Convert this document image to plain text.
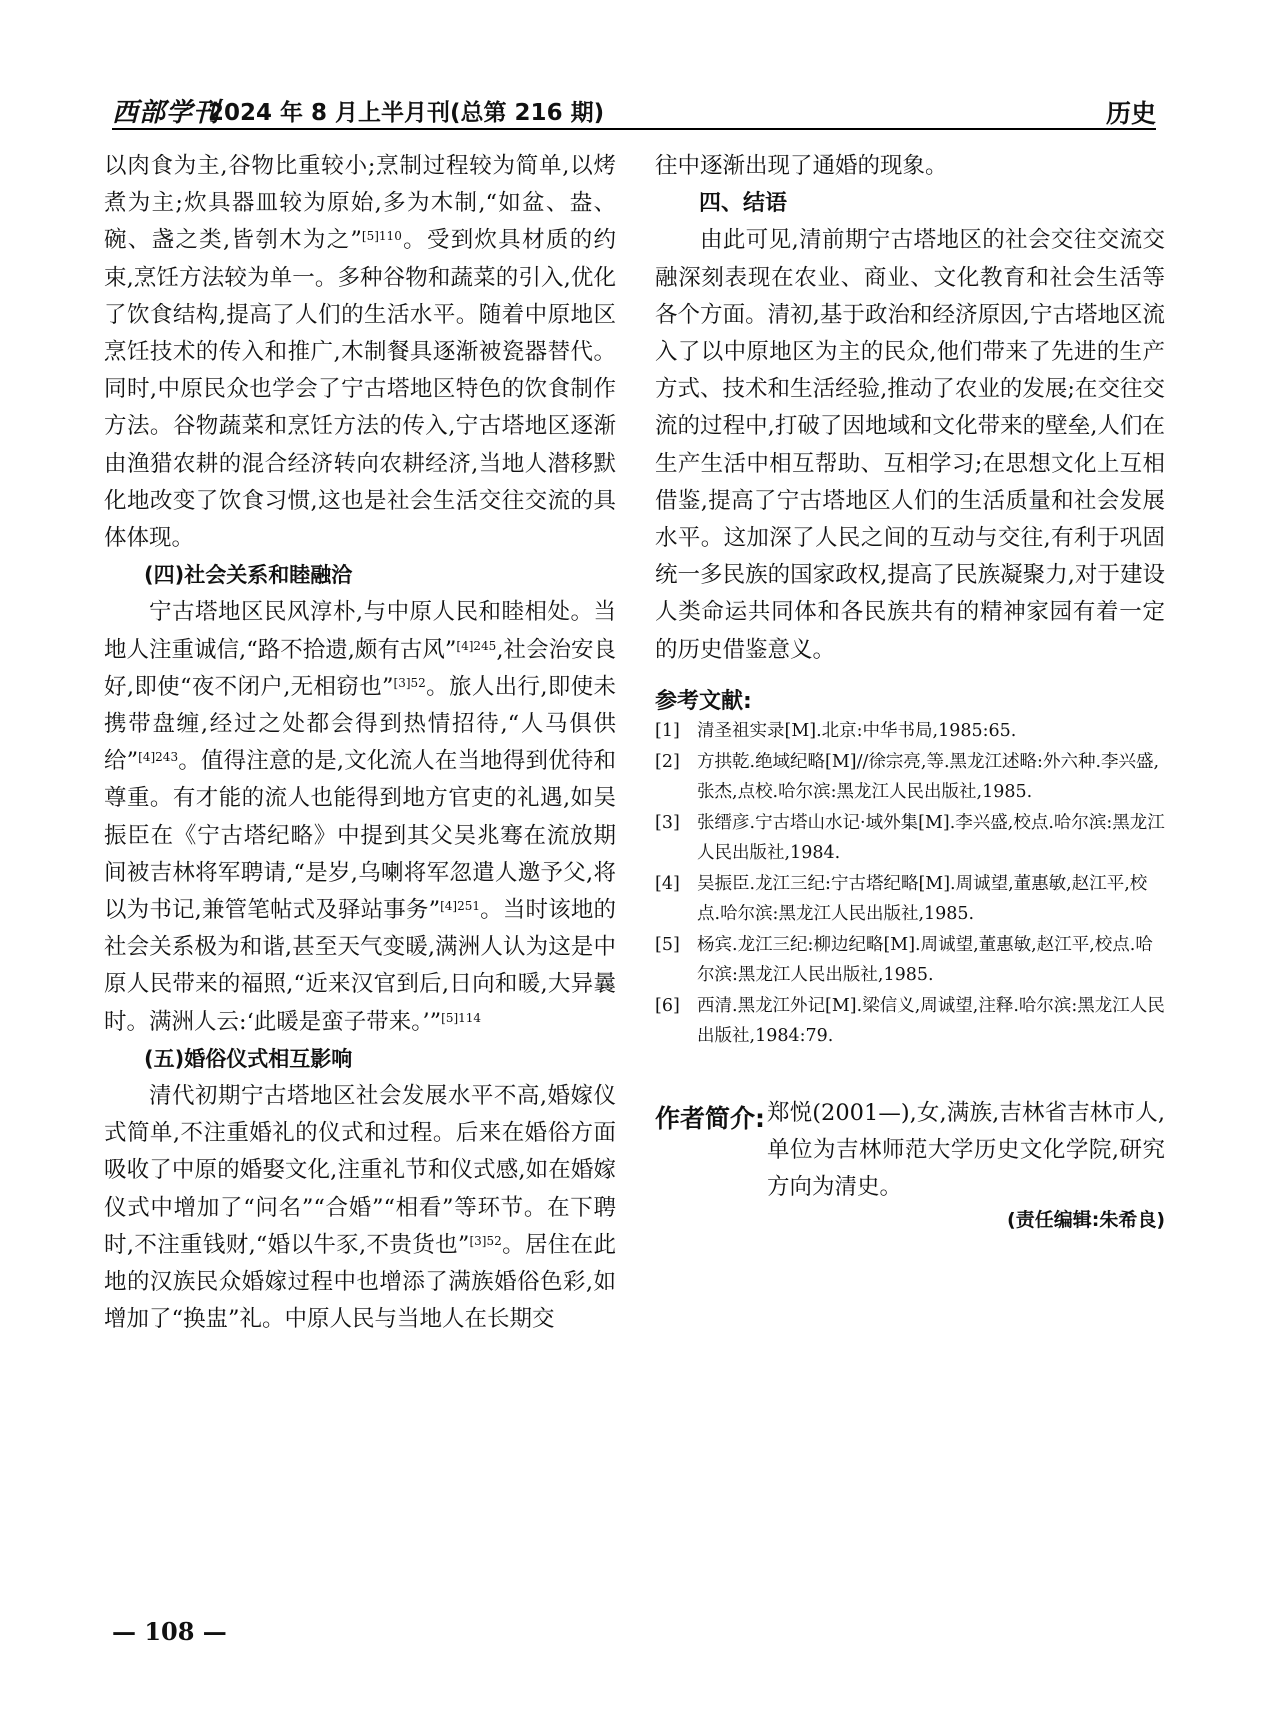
西部学刊
2024 年 8 月上半月刊(总第 216 期)	历史

以肉食为主,谷物比重较小;烹制过程较为简单,以烤煮为主;炊具器皿较为原始,多为木制,“如盆、盎、碗、盏之类,皆刳木为之”$^{[5]110}$。受到炊具材质的约束,烹饪方法较为单一。多种谷物和蔬菜的引入,优化了饮食结构,提高了人们的生活水平。随着中原地区烹饪技术的传入和推广,木制餐具逐渐被瓷器替代。同时,中原民众也学会了宁古塔地区特色的饮食制作方法。谷物蔬菜和烹饪方法的传入,宁古塔地区逐渐由渔猎农耕的混合经济转向农耕经济,当地人潜移默化地改变了饮食习惯,这也是社会生活交往交流的具体体现。

(四)社会关系和睦融洽

宁古塔地区民风淳朴,与中原人民和睦相处。当地人注重诚信,“路不拾遗,颇有古风”$^{[4]245}$,社会治安良好,即使“夜不闭户,无相窃也”$^{[3]52}$。旅人出行,即使未携带盘缠,经过之处都会得到热情招待,“人马俱供给”$^{[4]243}$。值得注意的是,文化流人在当地得到优待和尊重。有才能的流人也能得到地方官吏的礼遇,如吴振臣在《宁古塔纪略》中提到其父吴兆骞在流放期间被吉林将军聘请,“是岁,乌喇将军忽遣人邀予父,将以为书记,兼管笔帖式及驿站事务”$^{[4]251}$。当时该地的社会关系极为和谐,甚至天气变暖,满洲人认为这是中原人民带来的福照,“近来汉官到后,日向和暖,大异曩时。满洲人云:‘此暖是蛮子带来。’”$^{[5]114}$

(五)婚俗仪式相互影响

清代初期宁古塔地区社会发展水平不高,婚嫁仪式简单,不注重婚礼的仪式和过程。后来在婚俗方面吸收了中原的婚娶文化,注重礼节和仪式感,如在婚嫁仪式中增加了“问名”“合婚”“相看”等环节。在下聘时,不注重钱财,“婚以牛豕,不贵货也”$^{[3]52}$。居住在此地的汉族民众婚嫁过程中也增添了满族婚俗色彩,如增加了“换盅”礼。中原人民与当地人在长期交

往中逐渐出现了通婚的现象。

四、结语

由此可见,清前期宁古塔地区的社会交往交流交融深刻表现在农业、商业、文化教育和社会生活等各个方面。清初,基于政治和经济原因,宁古塔地区流入了以中原地区为主的民众,他们带来了先进的生产方式、技术和生活经验,推动了农业的发展;在交往交流的过程中,打破了因地域和文化带来的壁垒,人们在生产生活中相互帮助、互相学习;在思想文化上互相借鉴,提高了宁古塔地区人们的生活质量和社会发展水平。这加深了人民之间的互动与交往,有利于巩固统一多民族的国家政权,提高了民族凝聚力,对于建设人类命运共同体和各民族共有的精神家园有着一定的历史借鉴意义。

参考文献:
[1] 清圣祖实录[M].北京:中华书局,1985:65.
[2] 方拱乾.绝域纪略[M]//徐宗亮,等.黑龙江述略:外六种.李兴盛,张杰,点校.哈尔滨:黑龙江人民出版社,1985.
[3] 张缙彦.宁古塔山水记·域外集[M].李兴盛,校点.哈尔滨:黑龙江人民出版社,1984.
[4] 吴振臣.龙江三纪:宁古塔纪略[M].周诚望,董惠敏,赵江平,校点.哈尔滨:黑龙江人民出版社,1985.
[5] 杨宾.龙江三纪:柳边纪略[M].周诚望,董惠敏,赵江平,校点.哈尔滨:黑龙江人民出版社,1985.
[6] 西清.黑龙江外记[M].梁信义,周诚望,注释.哈尔滨:黑龙江人民出版社,1984:79.
作者简介: 郑悦(2001—),女,满族,吉林省吉林市人,单位为吉林师范大学历史文化学院,研究方向为清史。
(责任编辑:朱希良)
— 108 —
